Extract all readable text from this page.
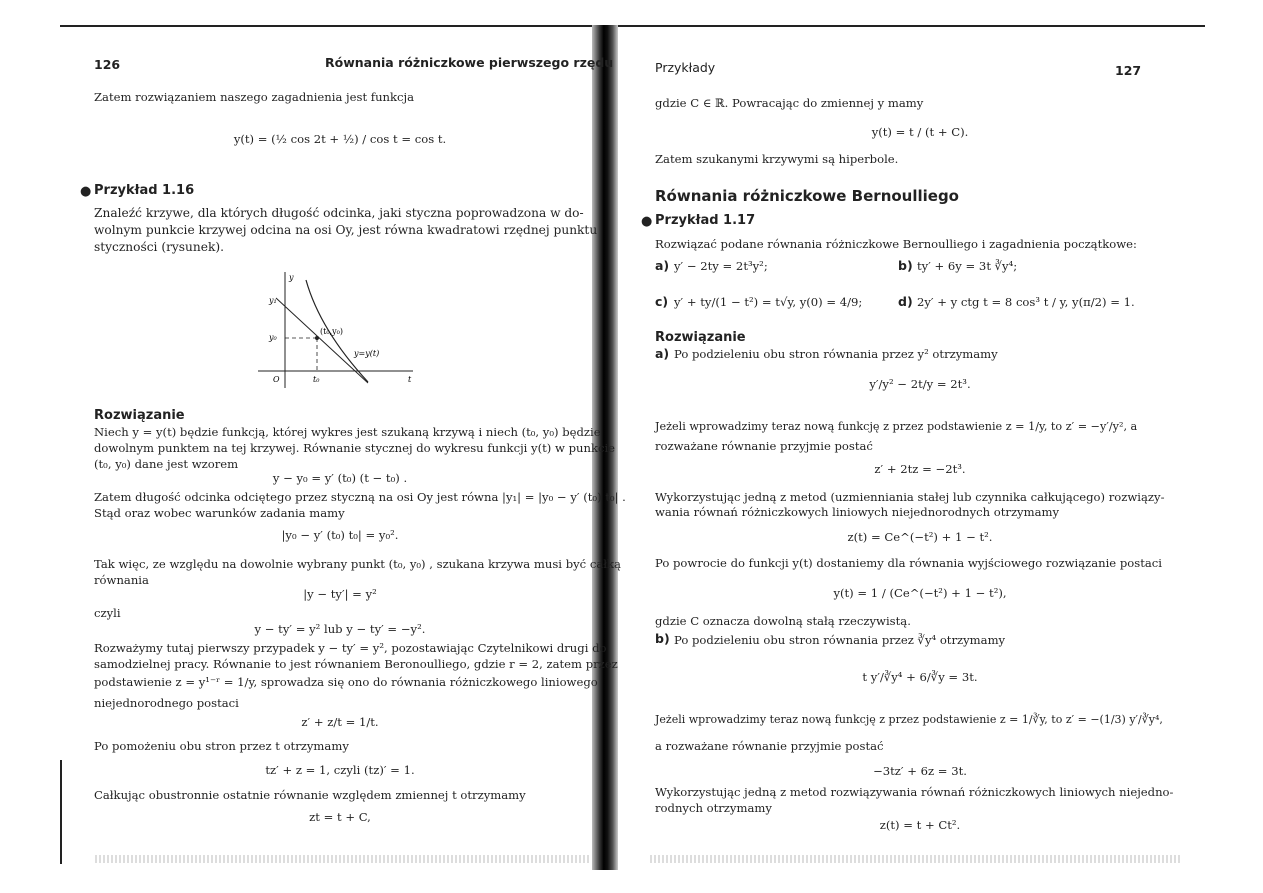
126	Równania różniczkowe pierwszego rzędu
Zatem rozwiązaniem naszego zagadnienia jest funkcja
y(t) = (½ cos 2t + ½) / cos t = cos t.
● Przykład 1.16
Znaleźć krzywe, dla których długość odcinka, jaki styczna poprowadzona w do-
wolnym punkcie krzywej odcina na osi Oy, jest równa kwadratowi rzędnej punktu
styczności (rysunek).
y
y₁
y₀
(t₀,y₀)
y=y(t)
O	t₀	t
Rozwiązanie
Niech y = y(t) będzie funkcją, której wykres jest szukaną krzywą i niech (t₀, y₀) będzie
dowolnym punktem na tej krzywej. Równanie stycznej do wykresu funkcji y(t) w punkcie
(t₀, y₀) dane jest wzorem
y − y₀ = y′ (t₀) (t − t₀) .
Zatem długość odcinka odciętego przez styczną na osi Oy jest równa |y₁| = |y₀ − y′ (t₀) t₀| .
Stąd oraz wobec warunków zadania mamy
|y₀ − y′ (t₀) t₀| = y₀².
Tak więc, ze względu na dowolnie wybrany punkt (t₀, y₀) , szukana krzywa musi być całką
równania
|y − ty′| = y²
czyli
y − ty′ = y² lub y − ty′ = −y².
Rozważymy tutaj pierwszy przypadek y − ty′ = y², pozostawiając Czytelnikowi drugi do
samodzielnej pracy. Równanie to jest równaniem Beronoulliego, gdzie r = 2, zatem przez
podstawienie z = y¹⁻ʳ = 1/y, sprowadza się ono do równania różniczkowego liniowego
niejednorodnego postaci
z′ + z/t = 1/t.
Po pomożeniu obu stron przez t otrzymamy
tz′ + z = 1, czyli (tz)′ = 1.
Całkując obustronnie ostatnie równanie względem zmiennej t otrzymamy
zt = t + C,
Przykłady	127
gdzie C ∈ ℝ. Powracając do zmiennej y mamy
y(t) = t / (t + C).
Zatem szukanymi krzywymi są hiperbole.
Równania różniczkowe Bernoulliego
● Przykład 1.17
Rozwiązać podane równania różniczkowe Bernoulliego i zagadnienia początkowe:
a) y′ − 2ty = 2t³y²;	b) ty′ + 6y = 3t ∛y⁴;
c) y′ + ty/(1 − t²) = t√y, y(0) = 4/9;	d) 2y′ + y ctg t = 8 cos³ t / y, y(π/2) = 1.
Rozwiązanie
a) Po podzieleniu obu stron równania przez y² otrzymamy
y′/y² − 2t/y = 2t³.
Jeżeli wprowadzimy teraz nową funkcję z przez podstawienie z = 1/y, to z′ = −y′/y², a
rozważane równanie przyjmie postać
z′ + 2tz = −2t³.
Wykorzystując jedną z metod (uzmienniania stałej lub czynnika całkującego) rozwiązy-
wania równań różniczkowych liniowych niejednorodnych otrzymamy
z(t) = Ce^(−t²) + 1 − t².
Po powrocie do funkcji y(t) dostaniemy dla równania wyjściowego rozwiązanie postaci
y(t) = 1 / (Ce^(−t²) + 1 − t²),
gdzie C oznacza dowolną stałą rzeczywistą.
b) Po podzieleniu obu stron równania przez ∛y⁴ otrzymamy
t y′/∛y⁴ + 6/∛y = 3t.
Jeżeli wprowadzimy teraz nową funkcję z przez podstawienie z = 1/∛y, to z′ = −(1/3) y′/∛y⁴,
a rozważane równanie przyjmie postać
−3tz′ + 6z = 3t.
Wykorzystując jedną z metod rozwiązywania równań różniczkowych liniowych niejedno-
rodnych otrzymamy
z(t) = t + Ct².
